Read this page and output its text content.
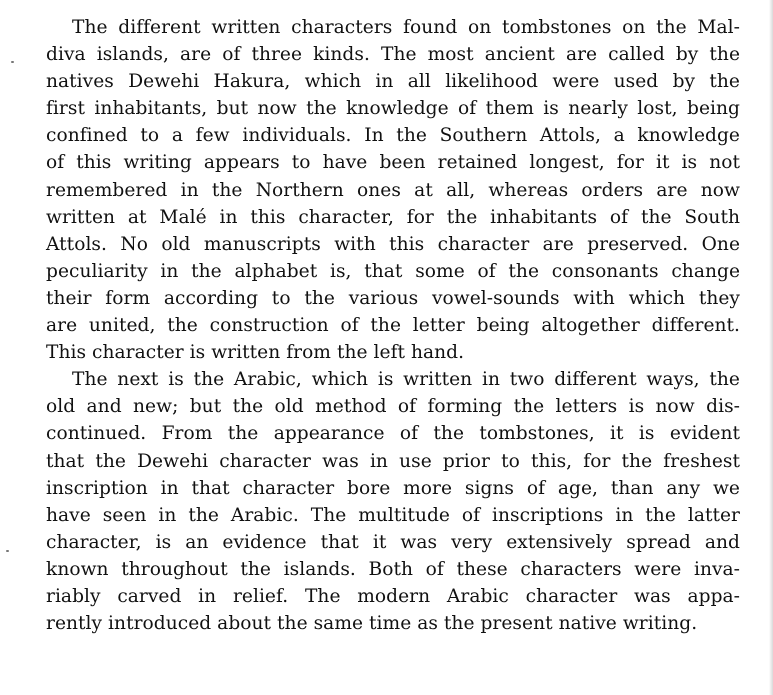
The different written characters found on tombstones on the Mal-
diva islands, are of three kinds. The most ancient are called by the
natives Dewehi Hakura, which in all likelihood were used by the
first inhabitants, but now the knowledge of them is nearly lost, being
confined to a few individuals. In the Southern Attols, a knowledge
of this writing appears to have been retained longest, for it is not
remembered in the Northern ones at all, whereas orders are now
written at Malé in this character, for the inhabitants of the South
Attols. No old manuscripts with this character are preserved. One
peculiarity in the alphabet is, that some of the consonants change
their form according to the various vowel-sounds with which they
are united, the construction of the letter being altogether different.
This character is written from the left hand.
The next is the Arabic, which is written in two different ways, the
old and new; but the old method of forming the letters is now dis-
continued. From the appearance of the tombstones, it is evident
that the Dewehi character was in use prior to this, for the freshest
inscription in that character bore more signs of age, than any we
have seen in the Arabic. The multitude of inscriptions in the latter
character, is an evidence that it was very extensively spread and
known throughout the islands. Both of these characters were inva-
riably carved in relief. The modern Arabic character was appa-
rently introduced about the same time as the present native writing.
